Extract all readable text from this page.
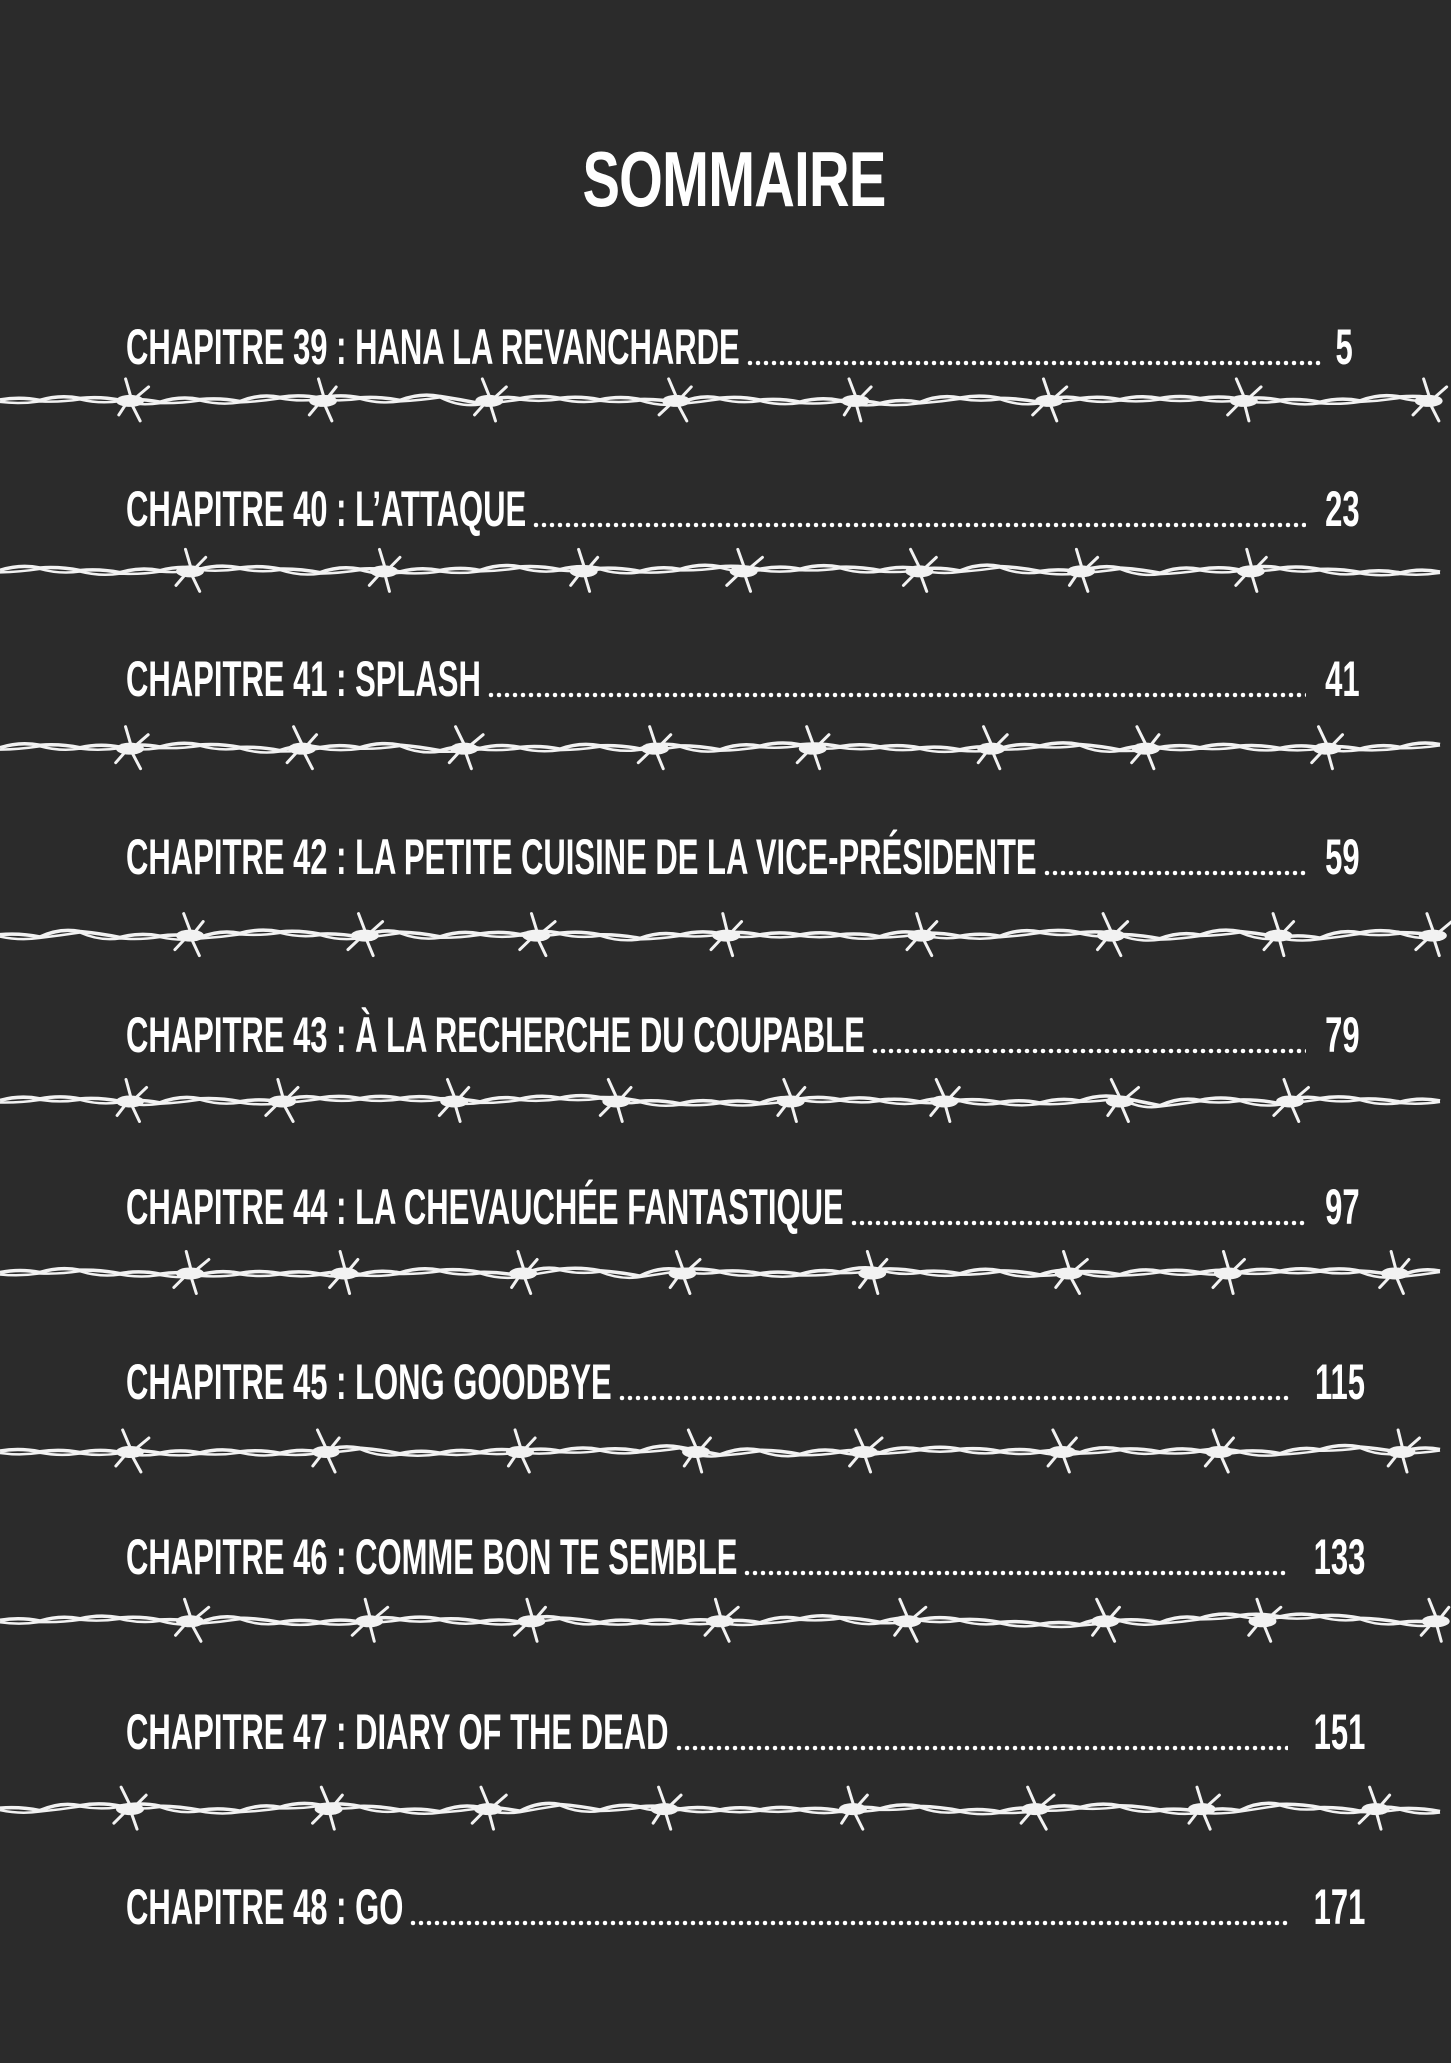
SOMMAIRE
CHAPITRE 39 : HANA LA REVANCHARDE	5
CHAPITRE 40 : L’ATTAQUE	23
CHAPITRE 41 : SPLASH	41
CHAPITRE 42 : LA PETITE CUISINE DE LA VICE-PRÉSIDENTE	59
CHAPITRE 43 : À LA RECHERCHE DU COUPABLE	79
CHAPITRE 44 : LA CHEVAUCHÉE FANTASTIQUE	97
CHAPITRE 45 : LONG GOODBYE	115
CHAPITRE 46 : COMME BON TE SEMBLE	133
CHAPITRE 47 : DIARY OF THE DEAD	151
CHAPITRE 48 : GO	171
